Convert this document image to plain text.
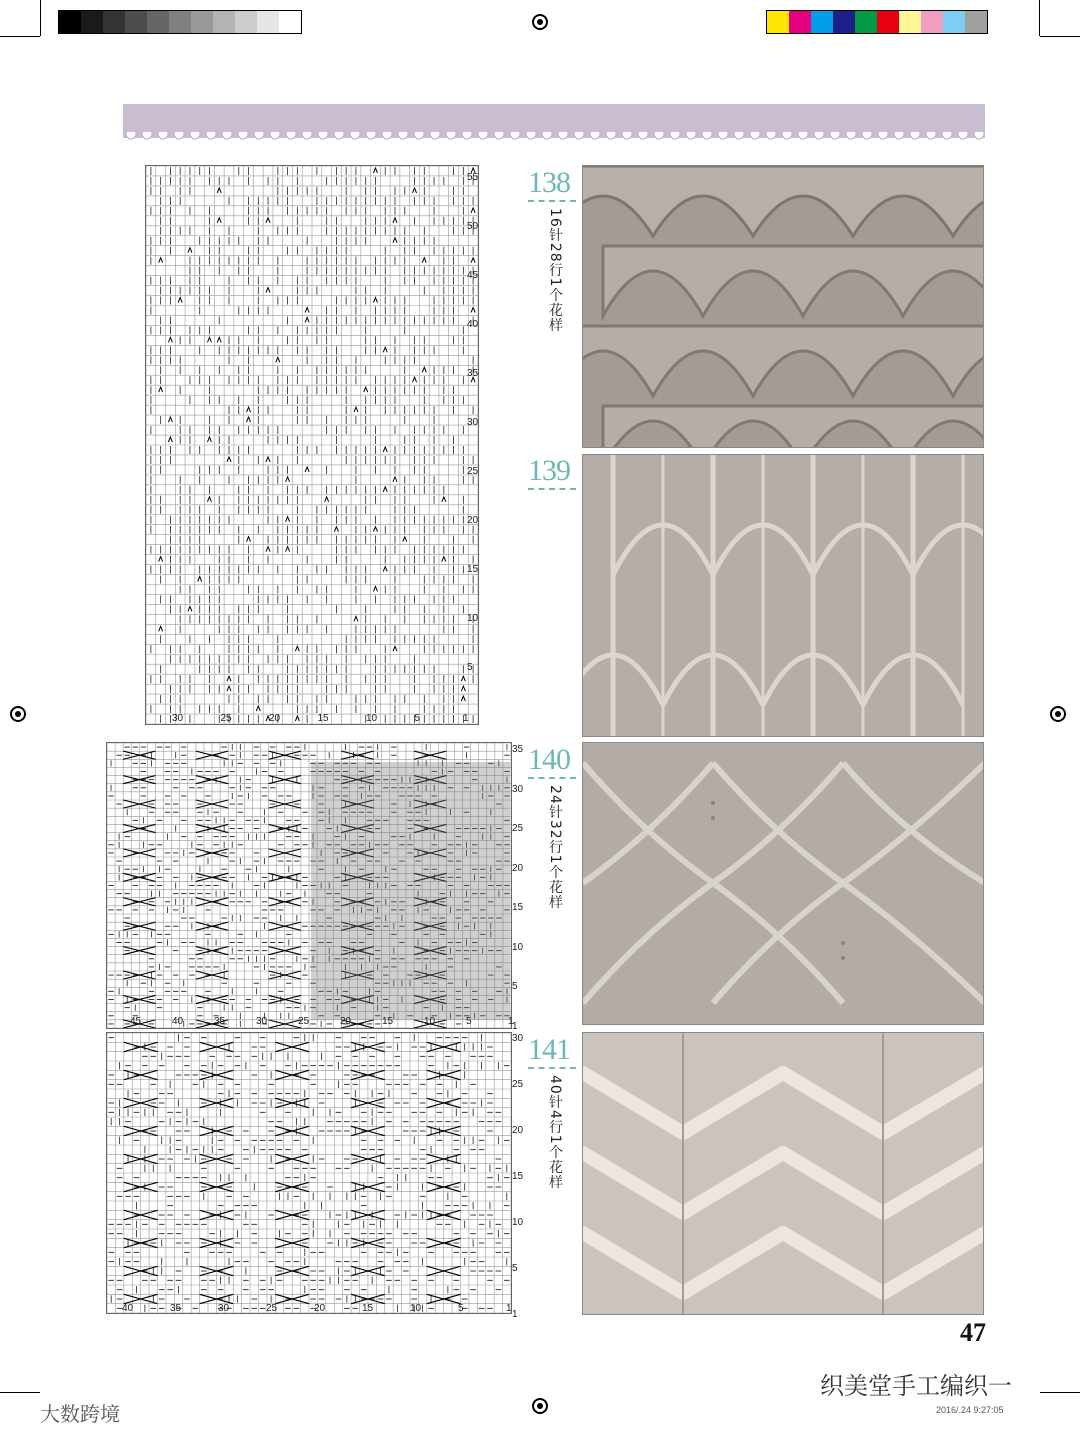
138
16针28行1个花样
139
140
24针32行1个花样
141
40针4行1个花样
47
织美堂手工编织一
大数跨境	2016/.24 9:27:05
55
50
45
40
35
30
25
20
15
10
5
30	25	20	15	10	5	1
35
30
25
20
15
10
5
1
45	40	35	30	25	20	15	10	5	1
30
25
20
15
10
5
1
40	35	30	25	20	15	10	5	1
